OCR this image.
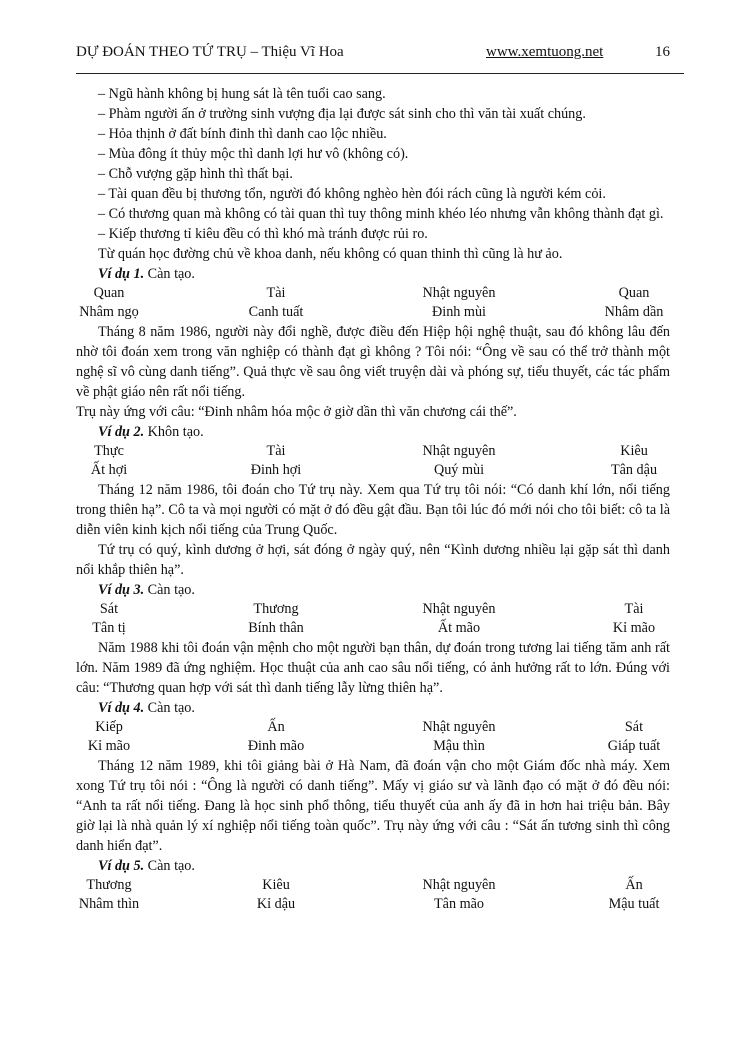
DỰ ĐOÁN THEO TỨ TRỤ – Thiệu Vĩ Hoa	www.xemtuong.net	16

– Ngũ hành không bị hung sát là tên tuổi cao sang.

– Phàm người ấn ở trường sinh vượng địa lại được sát sinh cho thì văn tài xuất chúng.

– Hỏa thịnh ở đất bính đinh thì danh cao lộc nhiều.

– Mùa đông ít thủy mộc thì danh lợi hư vô (không có).

– Chỗ vượng gặp hình thì thất bại.

– Tài quan đều bị thương tổn, người đó không nghèo hèn đói rách cũng là người kém cỏi.

– Có thương quan mà không có tài quan thì tuy thông minh khéo léo nhưng vẫn không thành đạt gì.

– Kiếp thương tỉ kiêu đều có thì khó mà tránh được rủi ro.

Từ quán học đường chủ về khoa danh, nếu không có quan thinh thì cũng là hư ảo.

Ví dụ 1. Càn tạo.

Quan	Tài	Nhật nguyên	Quan
Nhâm ngọ	Canh tuất	Đinh mùi	Nhâm dần

Tháng 8 năm 1986, người này đổi nghề, được điều đến Hiệp hội nghệ thuật, sau đó không lâu đến nhờ tôi đoán xem trong văn nghiệp có thành đạt gì không ? Tôi nói: “Ông về sau có thể trở thành một nghệ sĩ vô cùng danh tiếng”. Quả thực về sau ông viết truyện dài và phóng sự, tiểu thuyết, các tác phẩm về phật giáo nên rất nổi tiếng.

Trụ này ứng với câu: “Đinh nhâm hóa mộc ở giờ dần thì văn chương cái thế”.

Ví dụ 2. Khôn tạo.

Thực	Tài	Nhật nguyên	Kiêu
Ất hợi	Đinh hợi	Quý mùi	Tân dậu

Tháng 12 năm 1986, tôi đoán cho Tứ trụ này. Xem qua Tứ trụ tôi nói: “Có danh khí lớn, nổi tiếng trong thiên hạ”. Cô ta và mọi người có mặt ở đó đều gật đầu. Bạn tôi lúc đó mới nói cho tôi biết: cô ta là diễn viên kinh kịch nổi tiếng của Trung Quốc.

Tứ trụ có quý, kình dương ở hợi, sát đóng ở ngày quý, nên “Kình dương nhiều lại gặp sát thì danh nổi khắp thiên hạ”.

Ví dụ 3. Càn tạo.

Sát	Thương	Nhật nguyên	Tài
Tân tị	Bính thân	Ất mão	Kỉ mão

Năm 1988 khi tôi đoán vận mệnh cho một người bạn thân, dự đoán trong tương lai tiếng tăm anh rất lớn. Năm 1989 đã ứng nghiệm. Học thuật của anh cao sâu nổi tiếng, có ảnh hưởng rất to lớn. Đúng với câu: “Thương quan hợp với sát thì danh tiếng lẫy lừng thiên hạ”.

Ví dụ 4. Càn tạo.

Kiếp	Ấn	Nhật nguyên	Sát
Kỉ mão	Đinh mão	Mậu thìn	Giáp tuất

Tháng 12 năm 1989, khi tôi giảng bài ở Hà Nam, đã đoán vận cho một Giám đốc nhà máy. Xem xong Tứ trụ tôi nói : “Ông là người có danh tiếng”. Mấy vị giáo sư và lãnh đạo có mặt ở đó đều nói: “Anh ta rất nổi tiếng. Đang là học sinh phổ thông, tiểu thuyết của anh ấy đã in hơn hai triệu bản. Bây giờ lại là nhà quản lý xí nghiệp nổi tiếng toàn quốc”. Trụ này ứng với câu : “Sát ấn tương sinh thì công danh hiển đạt”.

Ví dụ 5. Càn tạo.

Thương	Kiêu	Nhật nguyên	Ấn
Nhâm thìn	Kỉ dậu	Tân mão	Mậu tuất
